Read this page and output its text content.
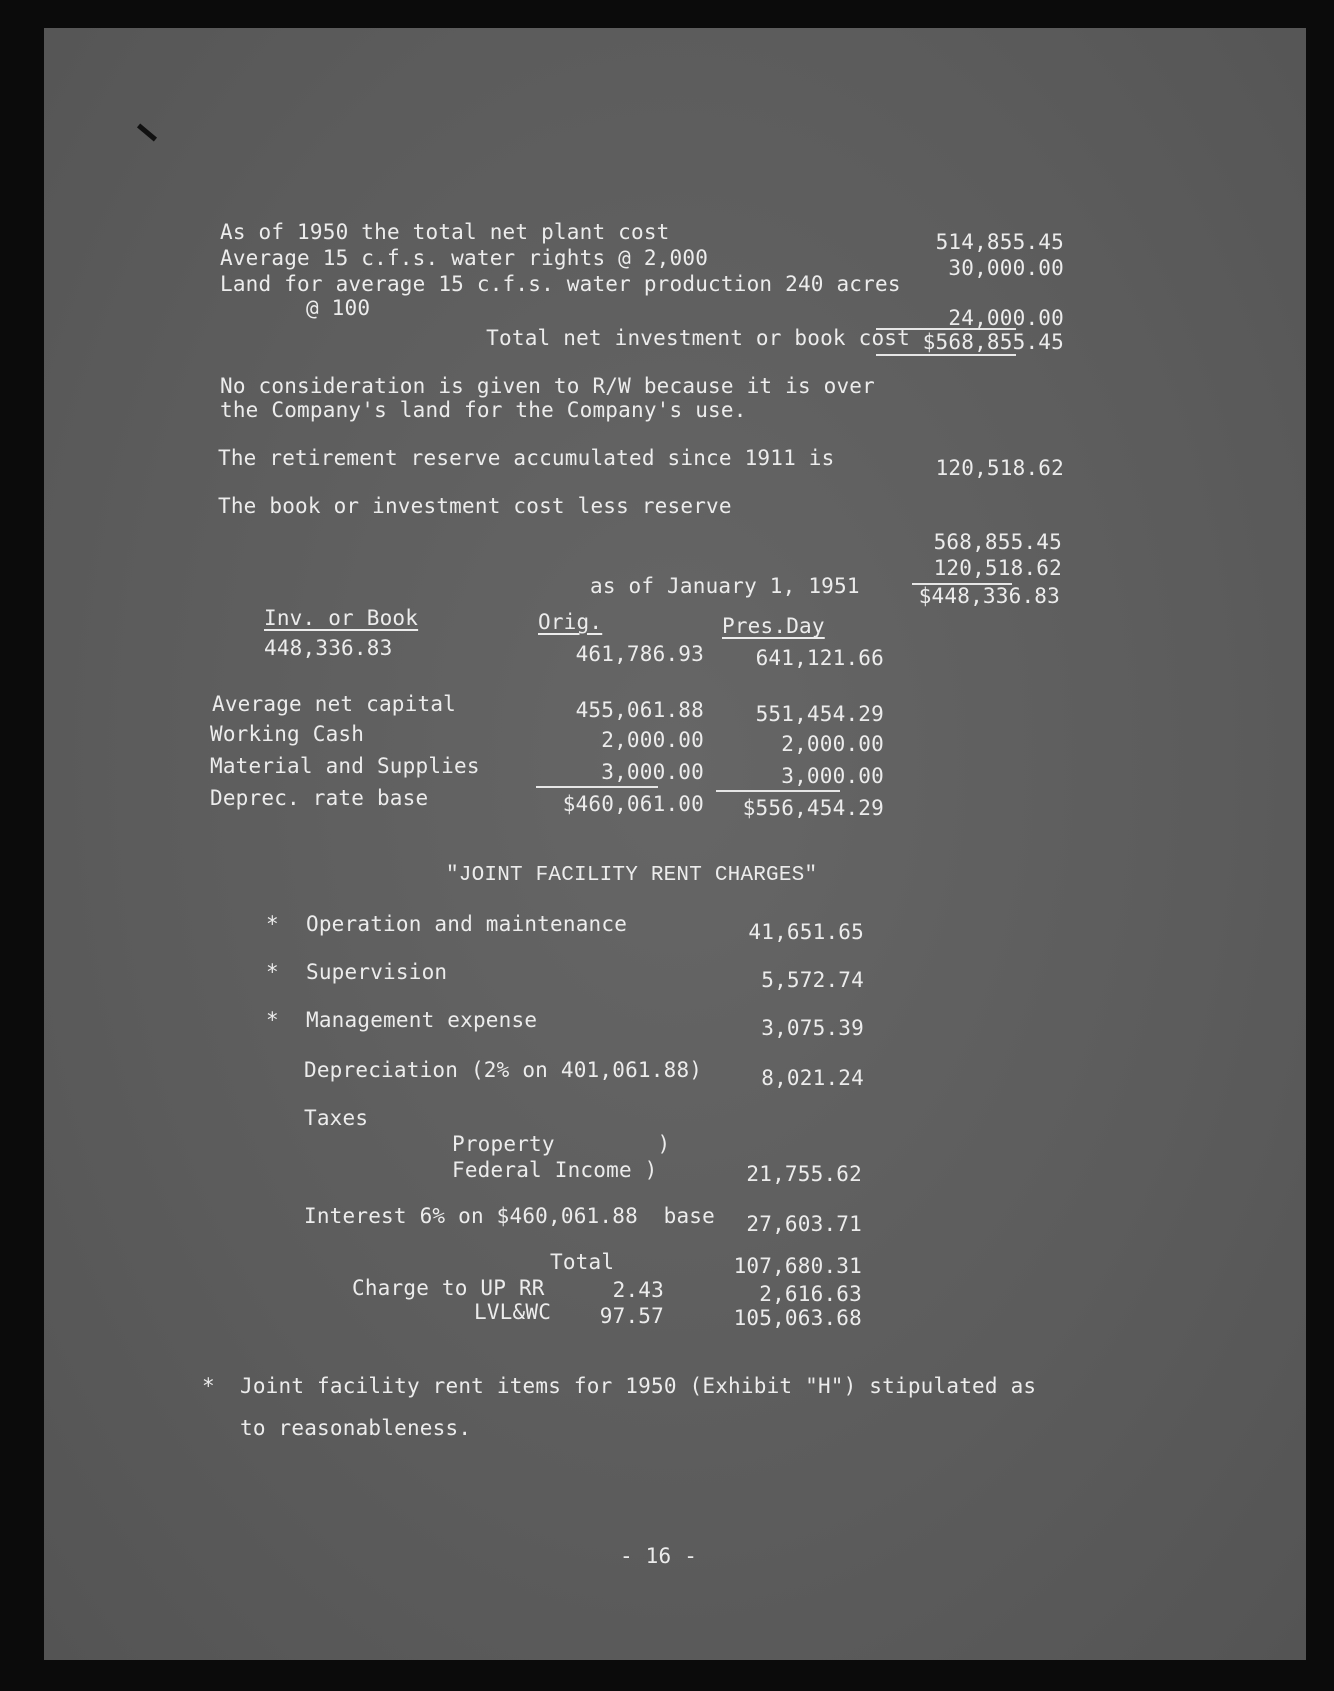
As of 1950 the total net plant cost	514,855.45
Average 15 c.f.s. water rights @ 2,000	30,000.00
Land for average 15 c.f.s. water production 240 acres
@ 100	24,000.00
Total net investment or book cost $568,855.45
No consideration is given to R/W because it is over
the Company's land for the Company's use.
The retirement reserve accumulated since 1911 is	120,518.62
The book or investment cost less reserve
568,855.45
120,518.62
as of January 1, 1951	$448,336.83
Inv. or Book	Orig.	Pres.Day
448,336.83	461,786.93	641,121.66
Average net capital	455,061.88	551,454.29
Working Cash	2,000.00	2,000.00
Material and Supplies	3,000.00	3,000.00
Deprec. rate base	$460,061.00	$556,454.29
"JOINT FACILITY RENT CHARGES"
* Operation and maintenance	41,651.65
* Supervision	5,572.74
* Management expense	3,075.39
Depreciation (2% on 401,061.88)	8,021.24
Taxes
Property        )
Federal Income )	21,755.62
Interest 6% on $460,061.88  base	27,603.71
Total	107,680.31
Charge to UP RR	2.43	2,616.63
LVL&WC	97.57	105,063.68
* Joint facility rent items for 1950 (Exhibit "H") stipulated as
to reasonableness.
- 16 -
